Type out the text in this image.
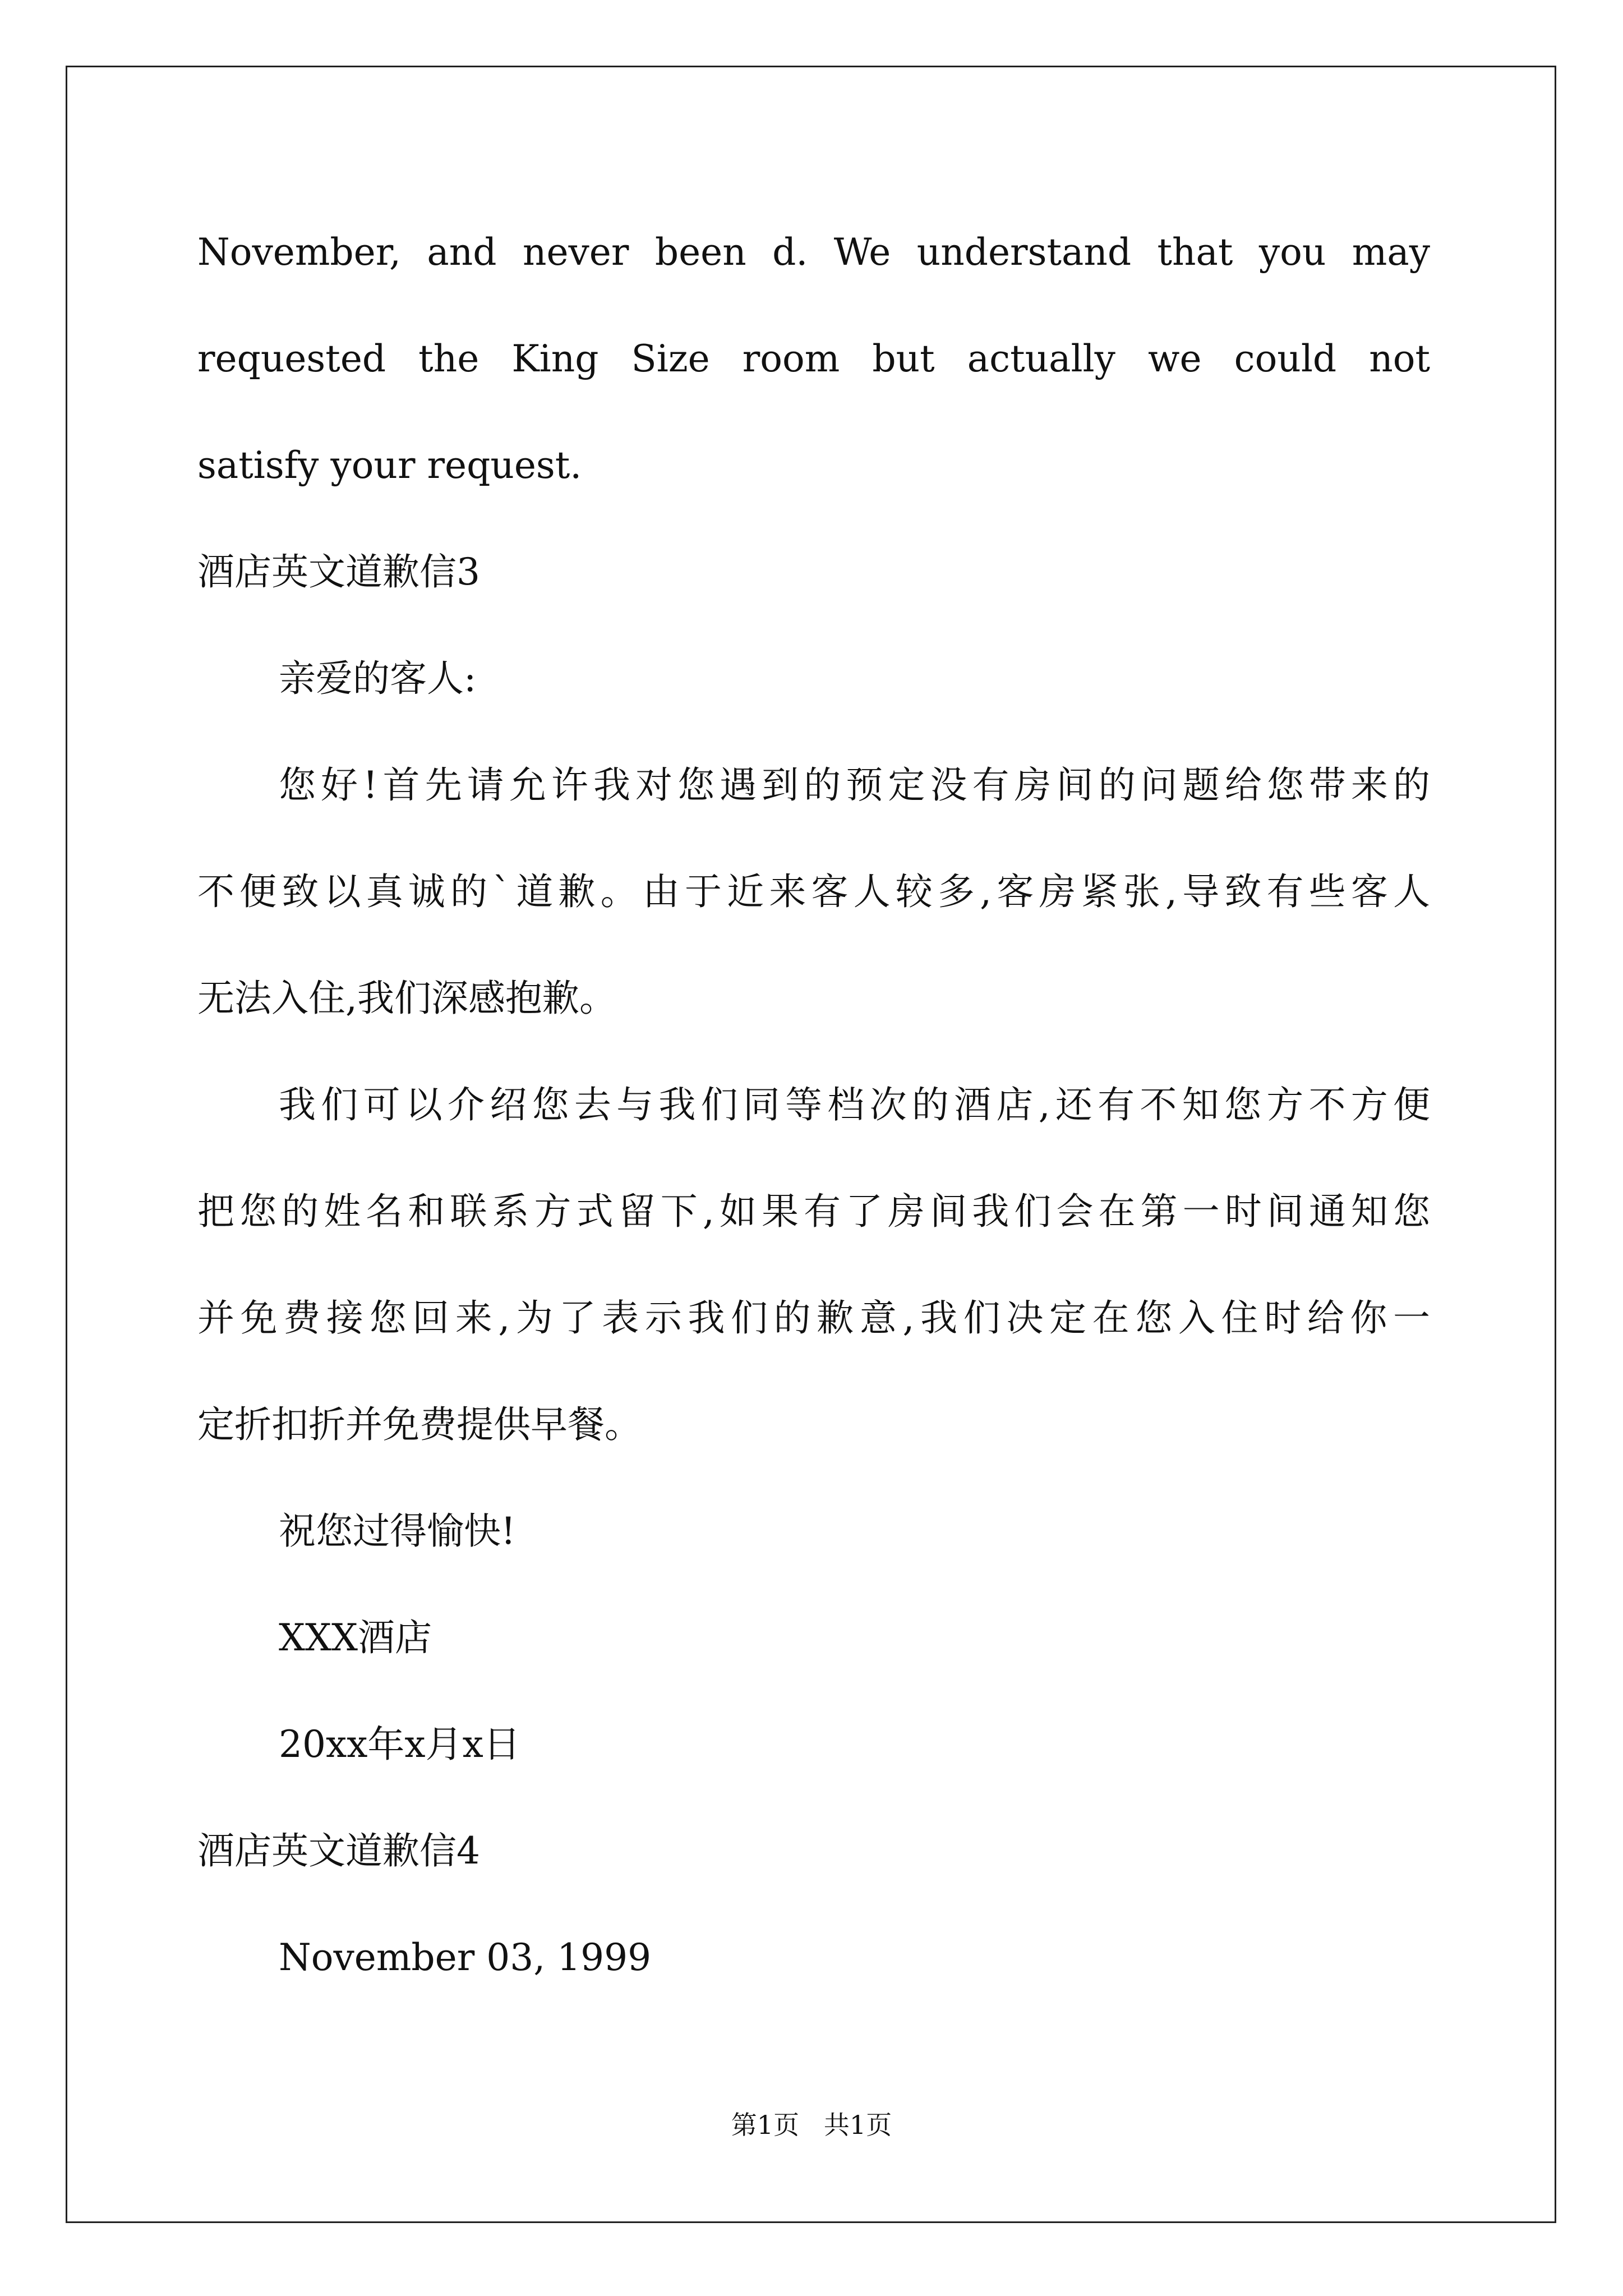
November, and never been d. We understand that you may
requested the King Size room but actually we could not
satisfy your request.
酒店英文道歉信3
亲爱的客人:
您好!首先请允许我对您遇到的预定没有房间的问题给您带来的
不便致以真诚的`道歉。由于近来客人较多,客房紧张,导致有些客人
无法入住,我们深感抱歉。
我们可以介绍您去与我们同等档次的酒店,还有不知您方不方便
把您的姓名和联系方式留下,如果有了房间我们会在第一时间通知您
并免费接您回来,为了表示我们的歉意,我们决定在您入住时给你一
定折扣折并免费提供早餐。
祝您过得愉快!
XXX酒店
20xx年x月x日
酒店英文道歉信4
November 03, 1999
第1页   共1页
